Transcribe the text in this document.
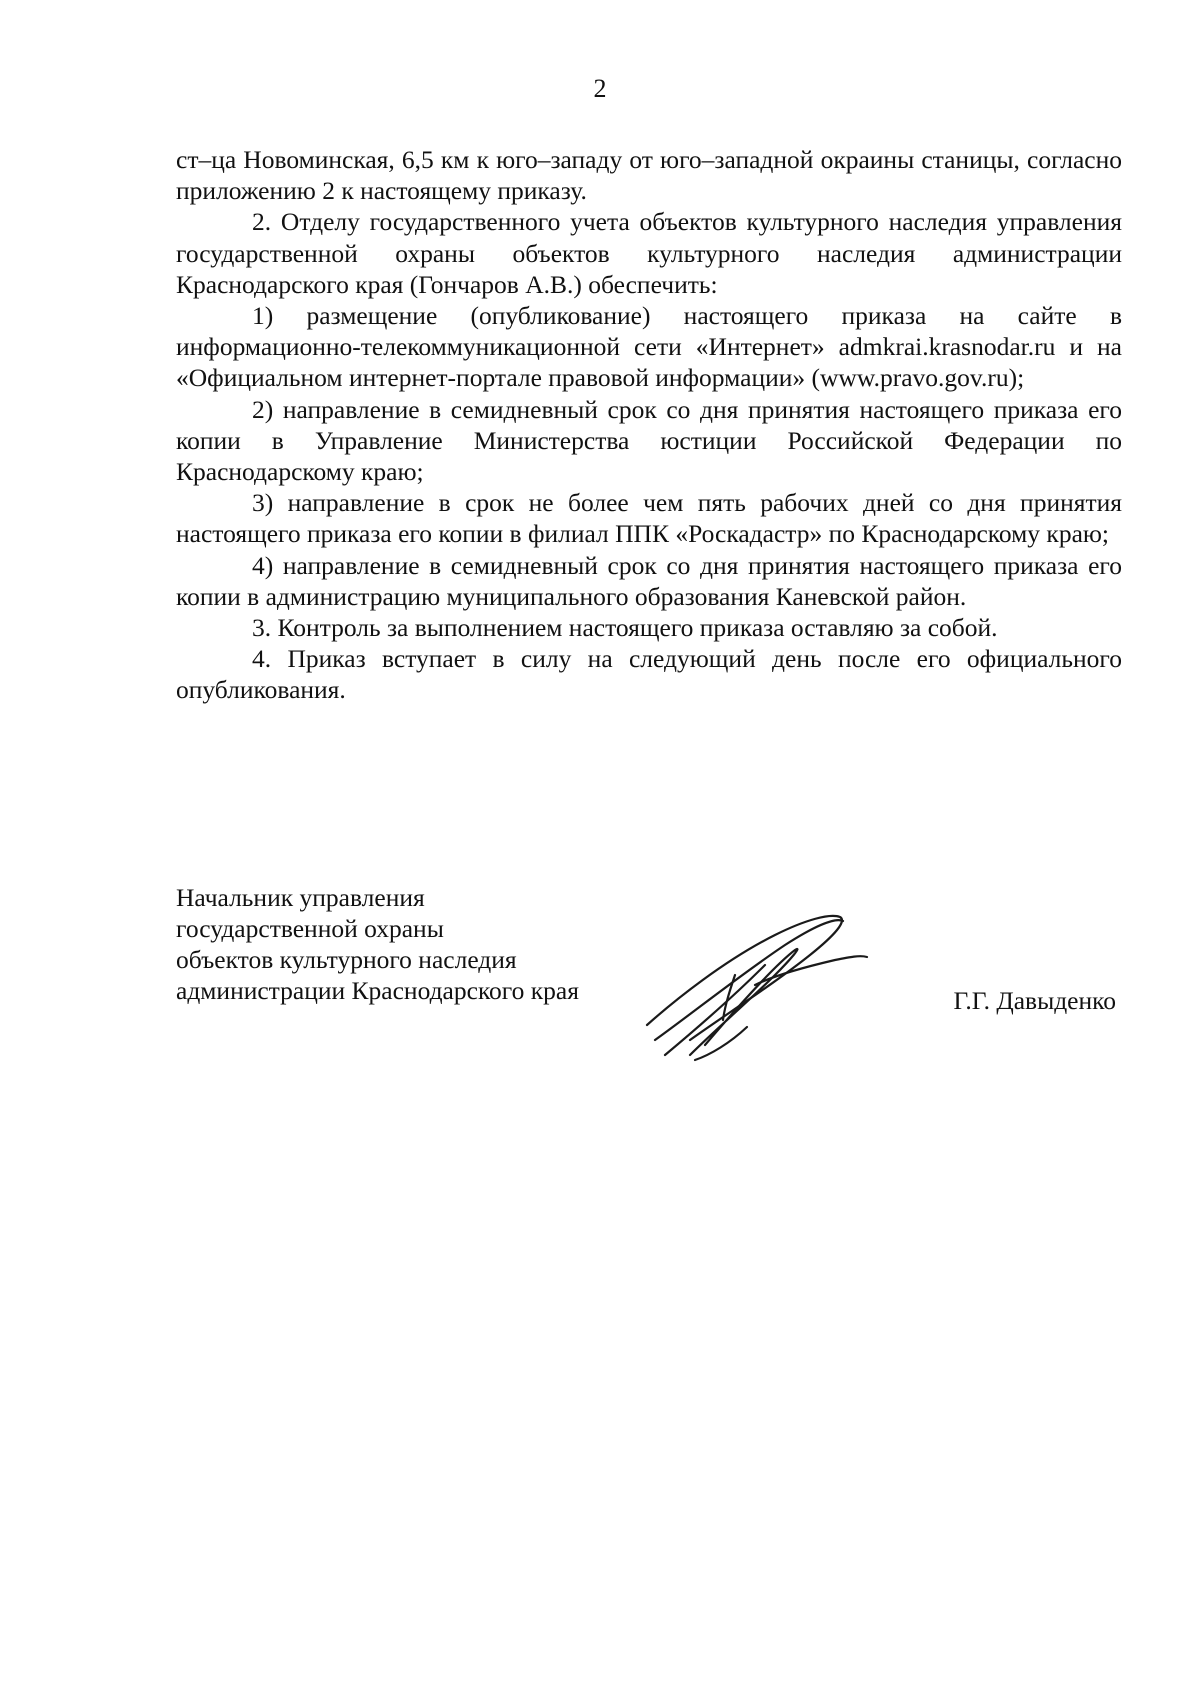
2

ст–ца Новоминская, 6,5 км к юго–западу от юго–западной окраины станицы, согласно приложению 2 к настоящему приказу.

2. Отделу государственного учета объектов культурного наследия управления государственной охраны объектов культурного наследия администрации Краснодарского края (Гончаров А.В.) обеспечить:

1) размещение (опубликование) настоящего приказа на сайте в информационно-телекоммуникационной сети «Интернет» admkrai.krasnodar.ru и на «Официальном интернет-портале правовой информации» (www.pravo.gov.ru);

2) направление в семидневный срок со дня принятия настоящего приказа его копии в Управление Министерства юстиции Российской Федерации по Краснодарскому краю;

3) направление в срок не более чем пять рабочих дней со дня принятия настоящего приказа его копии в филиал ППК «Роскадастр» по Краснодарскому краю;

4) направление в семидневный срок со дня принятия настоящего приказа его копии в администрацию муниципального образования Каневской район.

3. Контроль за выполнением настоящего приказа оставляю за собой.

4. Приказ вступает в силу на следующий день после его официального опубликования.

Начальник управления
государственной охраны
объектов культурного наследия
администрации Краснодарского края	Г.Г. Давыденко
